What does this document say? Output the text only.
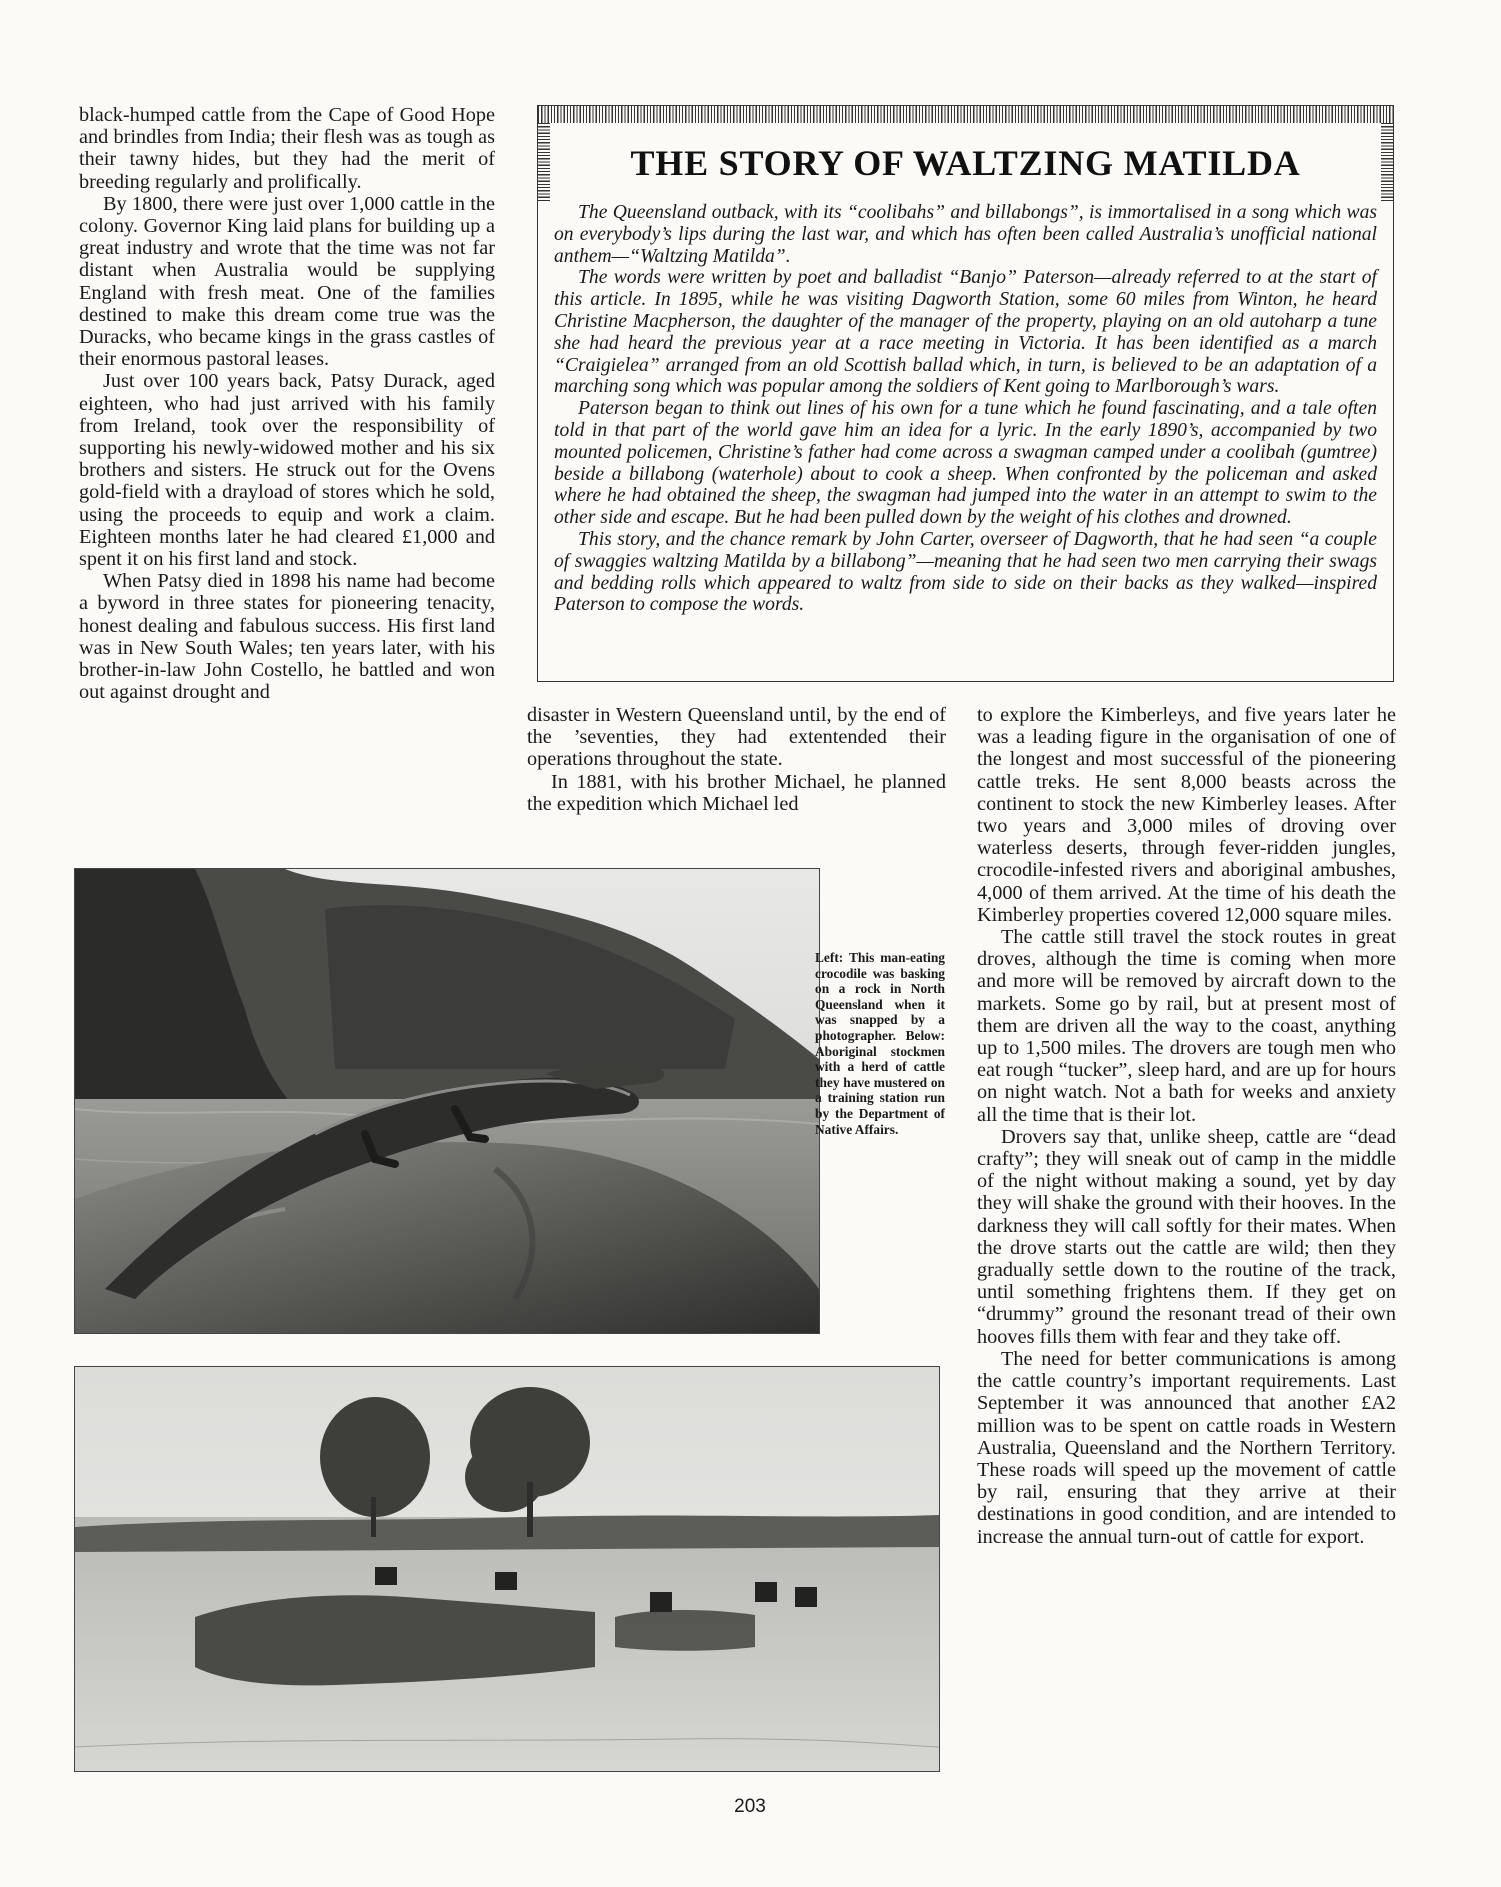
black-humped cattle from the Cape of Good Hope and brindles from India; their flesh was as tough as their tawny hides, but they had the merit of breeding regularly and prolifically.

By 1800, there were just over 1,000 cattle in the colony. Governor King laid plans for building up a great industry and wrote that the time was not far distant when Australia would be supplying England with fresh meat. One of the families destined to make this dream come true was the Duracks, who became kings in the grass castles of their enormous pastoral leases.

Just over 100 years back, Patsy Durack, aged eighteen, who had just arrived with his family from Ireland, took over the responsibility of supporting his newly-widowed mother and his six brothers and sisters. He struck out for the Ovens gold-field with a drayload of stores which he sold, using the proceeds to equip and work a claim. Eighteen months later he had cleared £1,000 and spent it on his first land and stock.

When Patsy died in 1898 his name had become a byword in three states for pioneering tenacity, honest dealing and fabulous success. His first land was in New South Wales; ten years later, with his brother-in-law John Costello, he battled and won out against drought and

THE STORY OF WALTZING MATILDA

The Queensland outback, with its “coolibahs” and billabongs”, is immortalised in a song which was on everybody’s lips during the last war, and which has often been called Australia’s unofficial national anthem—“Waltzing Matilda”.

The words were written by poet and balladist “Banjo” Paterson—already referred to at the start of this article. In 1895, while he was visiting Dagworth Station, some 60 miles from Winton, he heard Christine Macpherson, the daughter of the manager of the property, playing on an old autoharp a tune she had heard the previous year at a race meeting in Victoria. It has been identified as a march “Craigielea” arranged from an old Scottish ballad which, in turn, is believed to be an adaptation of a marching song which was popular among the soldiers of Kent going to Marlborough’s wars.

Paterson began to think out lines of his own for a tune which he found fascinating, and a tale often told in that part of the world gave him an idea for a lyric. In the early 1890’s, accompanied by two mounted policemen, Christine’s father had come across a swagman camped under a coolibah (gumtree) beside a billabong (waterhole) about to cook a sheep. When confronted by the policeman and asked where he had obtained the sheep, the swagman had jumped into the water in an attempt to swim to the other side and escape. But he had been pulled down by the weight of his clothes and drowned.

This story, and the chance remark by John Carter, overseer of Dagworth, that he had seen “a couple of swaggies waltzing Matilda by a billabong”—meaning that he had seen two men carrying their swags and bedding rolls which appeared to waltz from side to side on their backs as they walked—inspired Paterson to compose the words.

disaster in Western Queensland until, by the end of the ’seventies, they had extentended their operations throughout the state.

In 1881, with his brother Michael, he planned the expedition which Michael led

to explore the Kimberleys, and five years later he was a leading figure in the organisation of one of the longest and most successful of the pioneering cattle treks. He sent 8,000 beasts across the continent to stock the new Kimberley leases. After two years and 3,000 miles of droving over waterless deserts, through fever-ridden jungles, crocodile-infested rivers and aboriginal ambushes, 4,000 of them arrived. At the time of his death the Kimberley properties covered 12,000 square miles.

The cattle still travel the stock routes in great droves, although the time is coming when more and more will be removed by aircraft down to the markets. Some go by rail, but at present most of them are driven all the way to the coast, anything up to 1,500 miles. The drovers are tough men who eat rough “tucker”, sleep hard, and are up for hours on night watch. Not a bath for weeks and anxiety all the time that is their lot.

Drovers say that, unlike sheep, cattle are “dead crafty”; they will sneak out of camp in the middle of the night without making a sound, yet by day they will shake the ground with their hooves. In the darkness they will call softly for their mates. When the drove starts out the cattle are wild; then they gradually settle down to the routine of the track, until something frightens them. If they get on “drummy” ground the resonant tread of their own hooves fills them with fear and they take off.

The need for better communications is among the cattle country’s important requirements. Last September it was announced that another £A2 million was to be spent on cattle roads in Western Australia, Queensland and the Northern Territory. These roads will speed up the movement of cattle by rail, ensuring that they arrive at their destinations in good condition, and are intended to increase the annual turn-out of cattle for export.

Left: This man-eating crocodile was basking on a rock in North Queensland when it was snapped by a photographer. Below: Aboriginal stockmen with a herd of cattle they have mustered on a training station run by the Department of Native Affairs.
203
